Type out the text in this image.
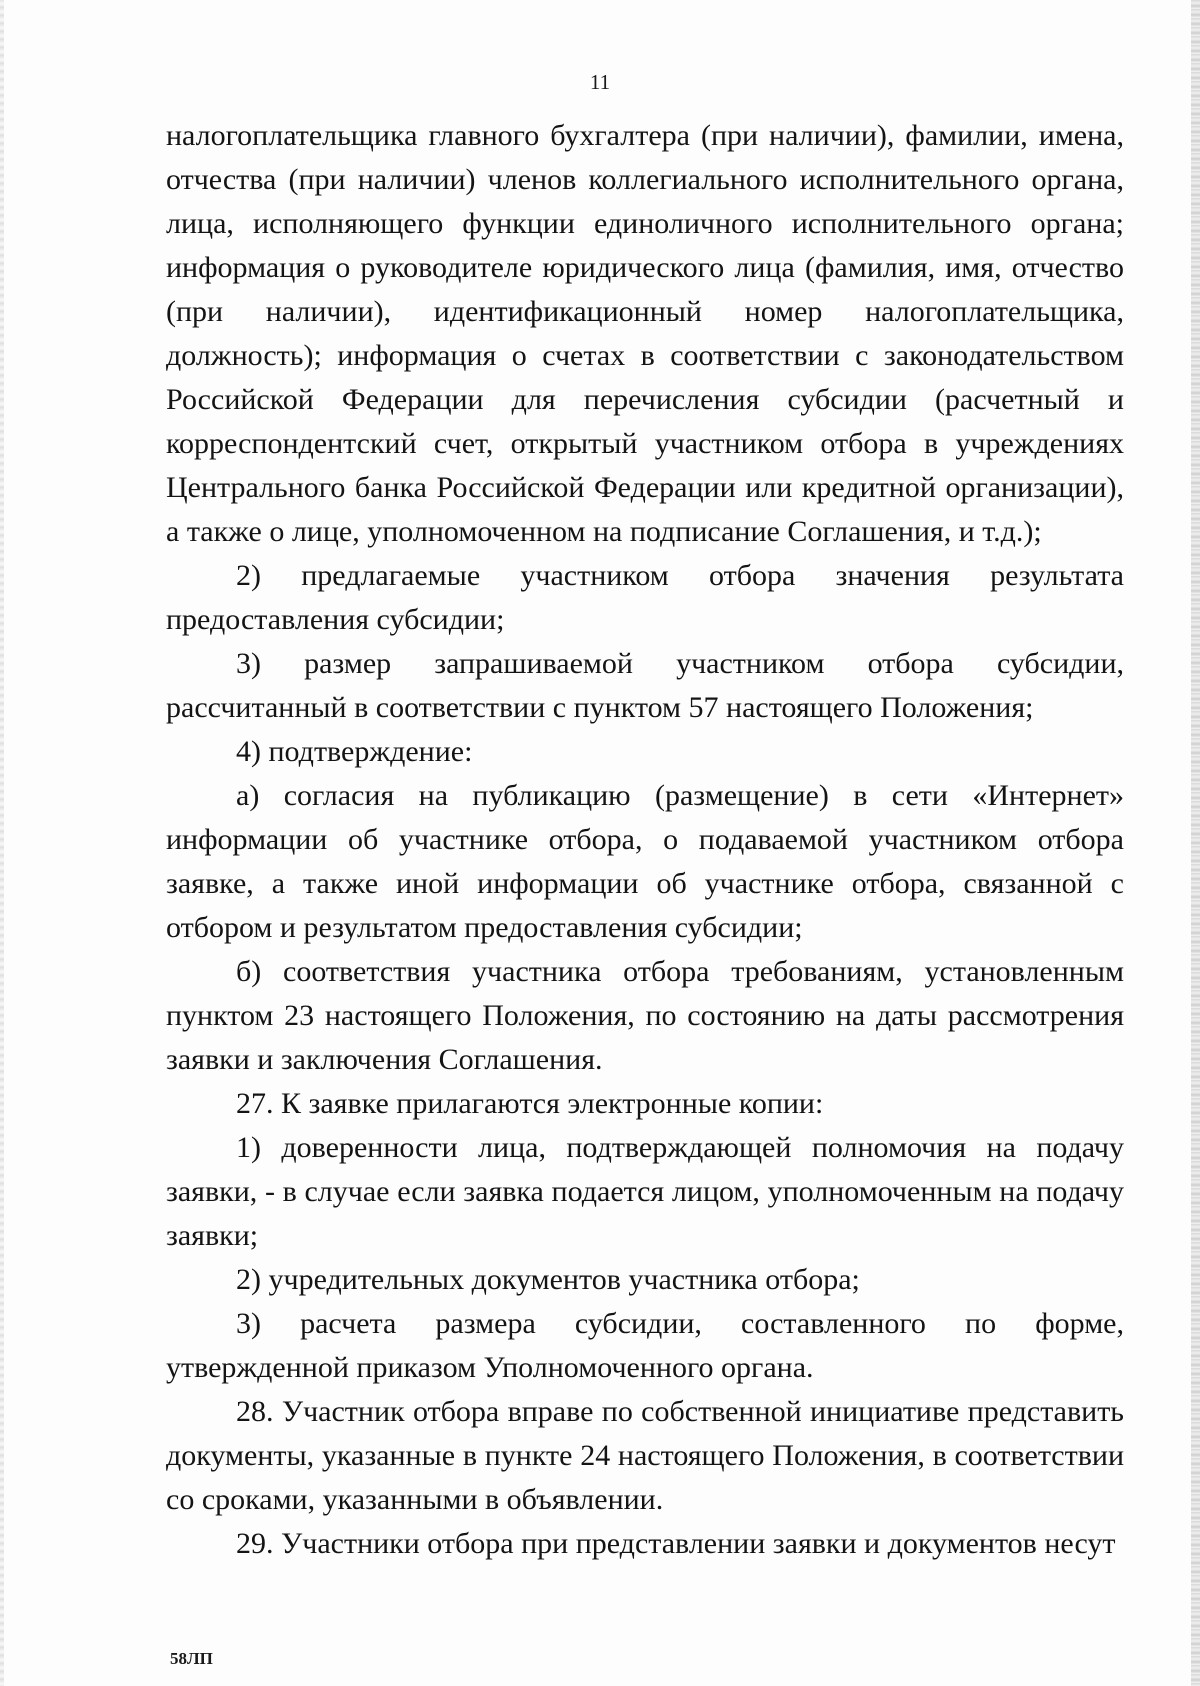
11

налогоплательщика главного бухгалтера (при наличии), фамилии, имена, отчества (при наличии) членов коллегиального исполнительного органа, лица, исполняющего функции единоличного исполнительного органа; информация о руководителе юридического лица (фамилия, имя, отчество (при наличии), идентификационный номер налогоплательщика, должность); информация о счетах в соответствии с законодательством Российской Федерации для перечисления субсидии (расчетный и корреспондентский счет, открытый участником отбора в учреждениях Центрального банка Российской Федерации или кредитной организации), а также о лице, уполномоченном на подписание Соглашения, и т.д.);

2) предлагаемые участником отбора значения результата предоставления субсидии;

3) размер запрашиваемой участником отбора субсидии, рассчитанный в соответствии с пунктом 57 настоящего Положения;

4) подтверждение:

а) согласия на публикацию (размещение) в сети «Интернет» информации об участнике отбора, о подаваемой участником отбора заявке, а также иной информации об участнике отбора, связанной с отбором и результатом предоставления субсидии;

б) соответствия участника отбора требованиям, установленным пунктом 23 настоящего Положения, по состоянию на даты рассмотрения заявки и заключения Соглашения.

27. К заявке прилагаются электронные копии:

1) доверенности лица, подтверждающей полномочия на подачу заявки, - в случае если заявка подается лицом, уполномоченным на подачу заявки;

2) учредительных документов участника отбора;

3) расчета размера субсидии, составленного по форме, утвержденной приказом Уполномоченного органа.

28. Участник отбора вправе по собственной инициативе представить документы, указанные в пункте 24 настоящего Положения, в соответствии со сроками, указанными в объявлении.

29. Участники отбора при представлении заявки и документов несут

58ЛП
